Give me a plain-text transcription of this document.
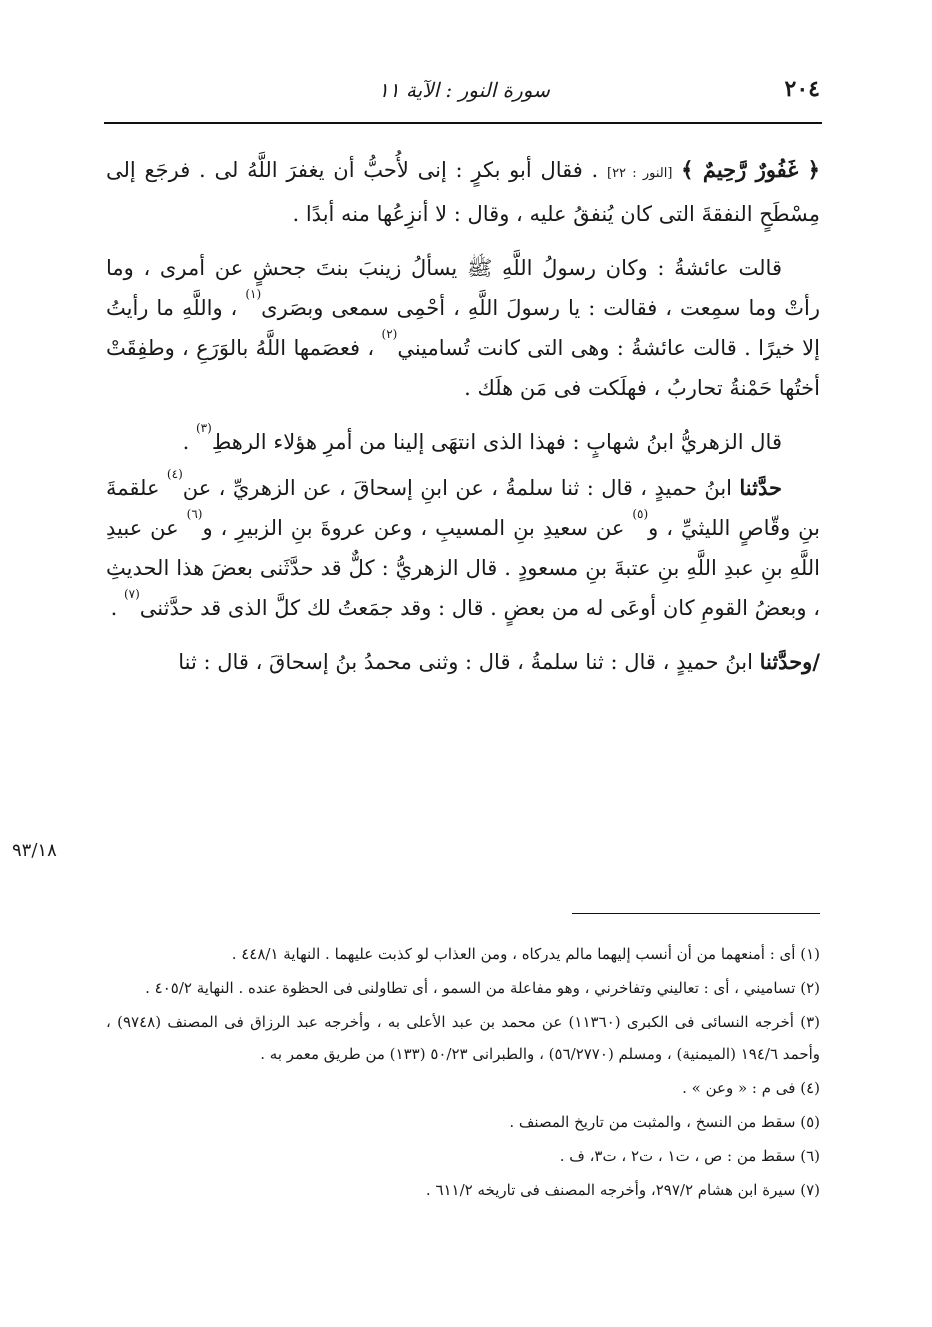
٢٠٤
سورة النور : الآية ١١

﴿ غَفُورٌ رَّحِيمٌ ﴾ [النور : ٢٢] . فقال أبو بكرٍ : إنى لأُحبُّ أن يغفرَ اللَّهُ لى . فرجَع إلى مِسْطَحٍ النفقةَ التى كان يُنفقُ عليه ، وقال : لا أنزِعُها منه أبدًا .

قالت عائشةُ : وكان رسولُ اللَّهِ ﷺ يسألُ زينبَ بنتَ جحشٍ عن أمرى ، وما رأتْ وما سمِعت ، فقالت : يا رسولَ اللَّهِ ، أحْمِى سمعى وبصَرى$^{(١)}$ ، واللَّهِ ما رأيتُ إلا خيرًا . قالت عائشةُ : وهى التى كانت تُساميني$^{(٢)}$ ، فعصَمها اللَّهُ بالوَرَعِ ، وطفِقَتْ أختُها حَمْنةُ تحاربُ ، فهلَكت فى مَن هلَك .

قال الزهريُّ ابنُ شهابٍ : فهذا الذى انتهَى إلينا من أمرِ هؤلاء الرهطِ$^{(٣)}$ .

حدَّثنا ابنُ حميدٍ ، قال : ثنا سلمةُ ، عن ابنِ إسحاقَ ، عن الزهريِّ ، عن$^{(٤)}$ علقمةَ بنِ وقّاصٍ الليثيِّ ، و$^{(٥)}$ عن سعيدِ بنِ المسيبِ ، وعن عروةَ بنِ الزبيرِ ، و$^{(٦)}$ عن عبيدِ اللَّهِ بنِ عبدِ اللَّهِ بنِ عتبةَ بنِ مسعودٍ . قال الزهريُّ : كلٌّ قد حدَّثَنى بعضَ هذا الحديثِ ، وبعضُ القومِ كان أوعَى له من بعضٍ . قال : وقد جمَعتُ لك كلَّ الذى قد حدَّثنى$^{(٧)}$ .

/وحدَّثنا ابنُ حميدٍ ، قال : ثنا سلمةُ ، قال : وثنى محمدُ بنُ إسحاقَ ، قال : ثنا

٩٣/١٨

(١) أى : أمنعهما من أن أنسب إليهما مالم يدركاه ، ومن العذاب لو كذبت عليهما . النهاية ٤٤٨/١ .

(٢) تساميني ، أى : تعاليني وتفاخرني ، وهو مفاعلة من السمو ، أى تطاولنى فى الحظوة عنده . النهاية ٤٠٥/٢ .

(٣) أخرجه النسائى فى الكبرى (١١٣٦٠) عن محمد بن عبد الأعلى به ، وأخرجه عبد الرزاق فى المصنف (٩٧٤٨) ، وأحمد ١٩٤/٦ (الميمنية) ، ومسلم (٥٦/٢٧٧٠) ، والطبرانى ٥٠/٢٣ (١٣٣) من طريق معمر به .

(٤) فى م : « وعن » .

(٥) سقط من النسخ ، والمثبت من تاريخ المصنف .

(٦) سقط من : ص ، ت١ ، ت٢ ، ت٣، ف .

(٧) سيرة ابن هشام ٢٩٧/٢، وأخرجه المصنف فى تاريخه ٦١١/٢ .
